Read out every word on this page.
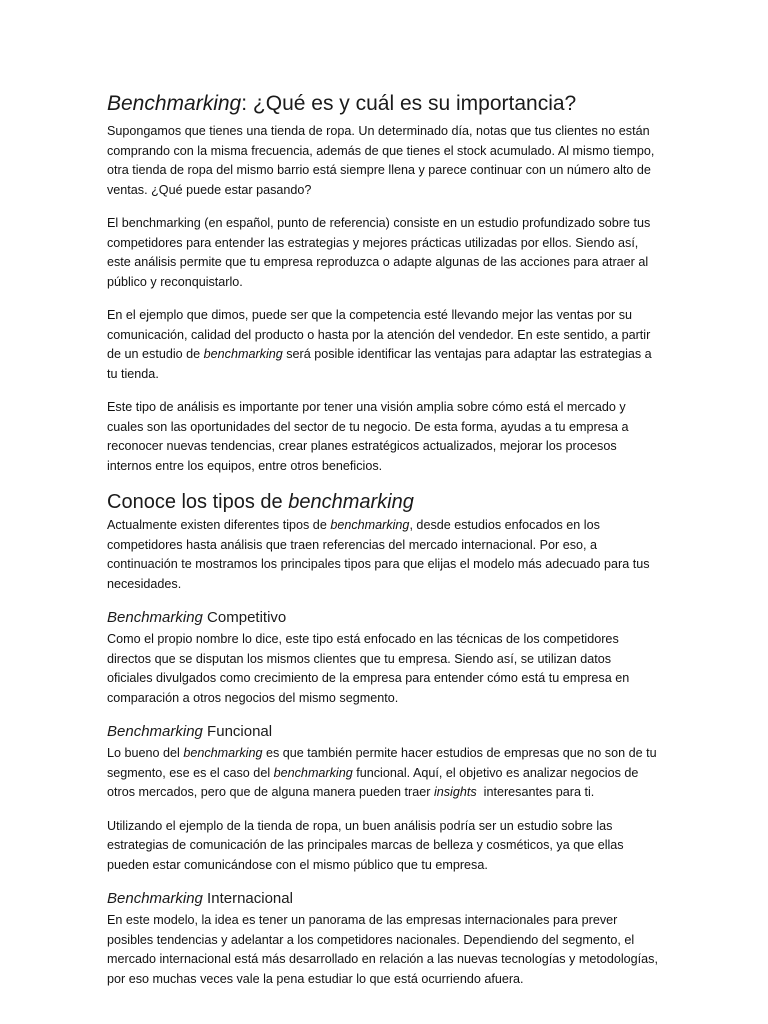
Benchmarking: ¿Qué es y cuál es su importancia?

Supongamos que tienes una tienda de ropa. Un determinado día, notas que tus clientes no están comprando con la misma frecuencia, además de que tienes el stock acumulado. Al mismo tiempo, otra tienda de ropa del mismo barrio está siempre llena y parece continuar con un número alto de ventas. ¿Qué puede estar pasando?

El benchmarking (en español, punto de referencia) consiste en un estudio profundizado sobre tus competidores para entender las estrategias y mejores prácticas utilizadas por ellos. Siendo así, este análisis permite que tu empresa reproduzca o adapte algunas de las acciones para atraer al público y reconquistarlo.

En el ejemplo que dimos, puede ser que la competencia esté llevando mejor las ventas por su comunicación, calidad del producto o hasta por la atención del vendedor. En este sentido, a partir de un estudio de benchmarking será posible identificar las ventajas para adaptar las estrategias a tu tienda.

Este tipo de análisis es importante por tener una visión amplia sobre cómo está el mercado y cuales son las oportunidades del sector de tu negocio. De esta forma, ayudas a tu empresa a reconocer nuevas tendencias, crear planes estratégicos actualizados, mejorar los procesos internos entre los equipos, entre otros beneficios.

Conoce los tipos de benchmarking

Actualmente existen diferentes tipos de benchmarking, desde estudios enfocados en los competidores hasta análisis que traen referencias del mercado internacional. Por eso, a continuación te mostramos los principales tipos para que elijas el modelo más adecuado para tus necesidades.

Benchmarking Competitivo

Como el propio nombre lo dice, este tipo está enfocado en las técnicas de los competidores directos que se disputan los mismos clientes que tu empresa. Siendo así, se utilizan datos oficiales divulgados como crecimiento de la empresa para entender cómo está tu empresa en comparación a otros negocios del mismo segmento.

Benchmarking Funcional

Lo bueno del benchmarking es que también permite hacer estudios de empresas que no son de tu segmento, ese es el caso del benchmarking funcional. Aquí, el objetivo es analizar negocios de otros mercados, pero que de alguna manera pueden traer insights  interesantes para ti.

Utilizando el ejemplo de la tienda de ropa, un buen análisis podría ser un estudio sobre las estrategias de comunicación de las principales marcas de belleza y cosméticos, ya que ellas pueden estar comunicándose con el mismo público que tu empresa.

Benchmarking Internacional

En este modelo, la idea es tener un panorama de las empresas internacionales para prever posibles tendencias y adelantar a los competidores nacionales. Dependiendo del segmento, el mercado internacional está más desarrollado en relación a las nuevas tecnologías y metodologías, por eso muchas veces vale la pena estudiar lo que está ocurriendo afuera.
